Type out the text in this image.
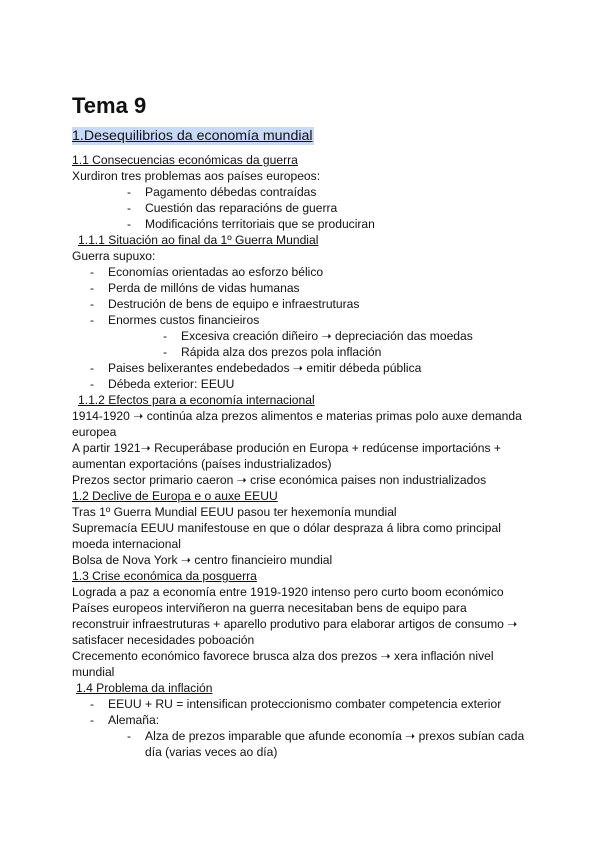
Tema 9
1.Desequilibrios da economía mundial
1.1 Consecuencias económicas da guerra
Xurdiron tres problemas aos países europeos:
- Pagamento débedas contraídas
- Cuestión das reparacións de guerra
- Modificacións territoriais que se produciran
1.1.1 Situación ao final da 1º Guerra Mundial
Guerra supuxo:
- Economías orientadas ao esforzo bélico
- Perda de millóns de vidas humanas
- Destrución de bens de equipo e infraestruturas
- Enormes custos financieiros
- Excesiva creación diñeiro ➝ depreciación das moedas
- Rápida alza dos prezos pola inflación
- Paises belixerantes endebedados ➝ emitir débeda pública
- Débeda exterior: EEUU
1.1.2 Efectos para a economía internacional
1914-1920 ➝ continúa alza prezos alimentos e materias primas polo auxe demanda
europea
A partir 1921➝ Recuperábase produción en Europa + redúcense importacións +
aumentan exportacións (países industrializados)
Prezos sector primario caeron ➝ crise económica paises non industrializados
1.2 Declive de Europa e o auxe EEUU
Tras 1º Guerra Mundial EEUU pasou ter hexemonía mundial
Supremacía EEUU manifestouse en que o dólar despraza á libra como principal
moeda internacional
Bolsa de Nova York ➝ centro financieiro mundial
1.3 Crise económica da posguerra
Lograda a paz a economía entre 1919-1920 intenso pero curto boom económico
Países europeos interviñeron na guerra necesitaban bens de equipo para
reconstruir infraestruturas + aparello produtivo para elaborar artigos de consumo ➝
satisfacer necesidades poboación
Crecemento económico favorece brusca alza dos prezos ➝ xera inflación nivel
mundial
1.4 Problema da inflación
- EEUU + RU = intensifican proteccionismo combater competencia exterior
- Alemaña:
- Alza de prezos imparable que afunde economía ➝ prexos subían cada
día (varias veces ao día)
